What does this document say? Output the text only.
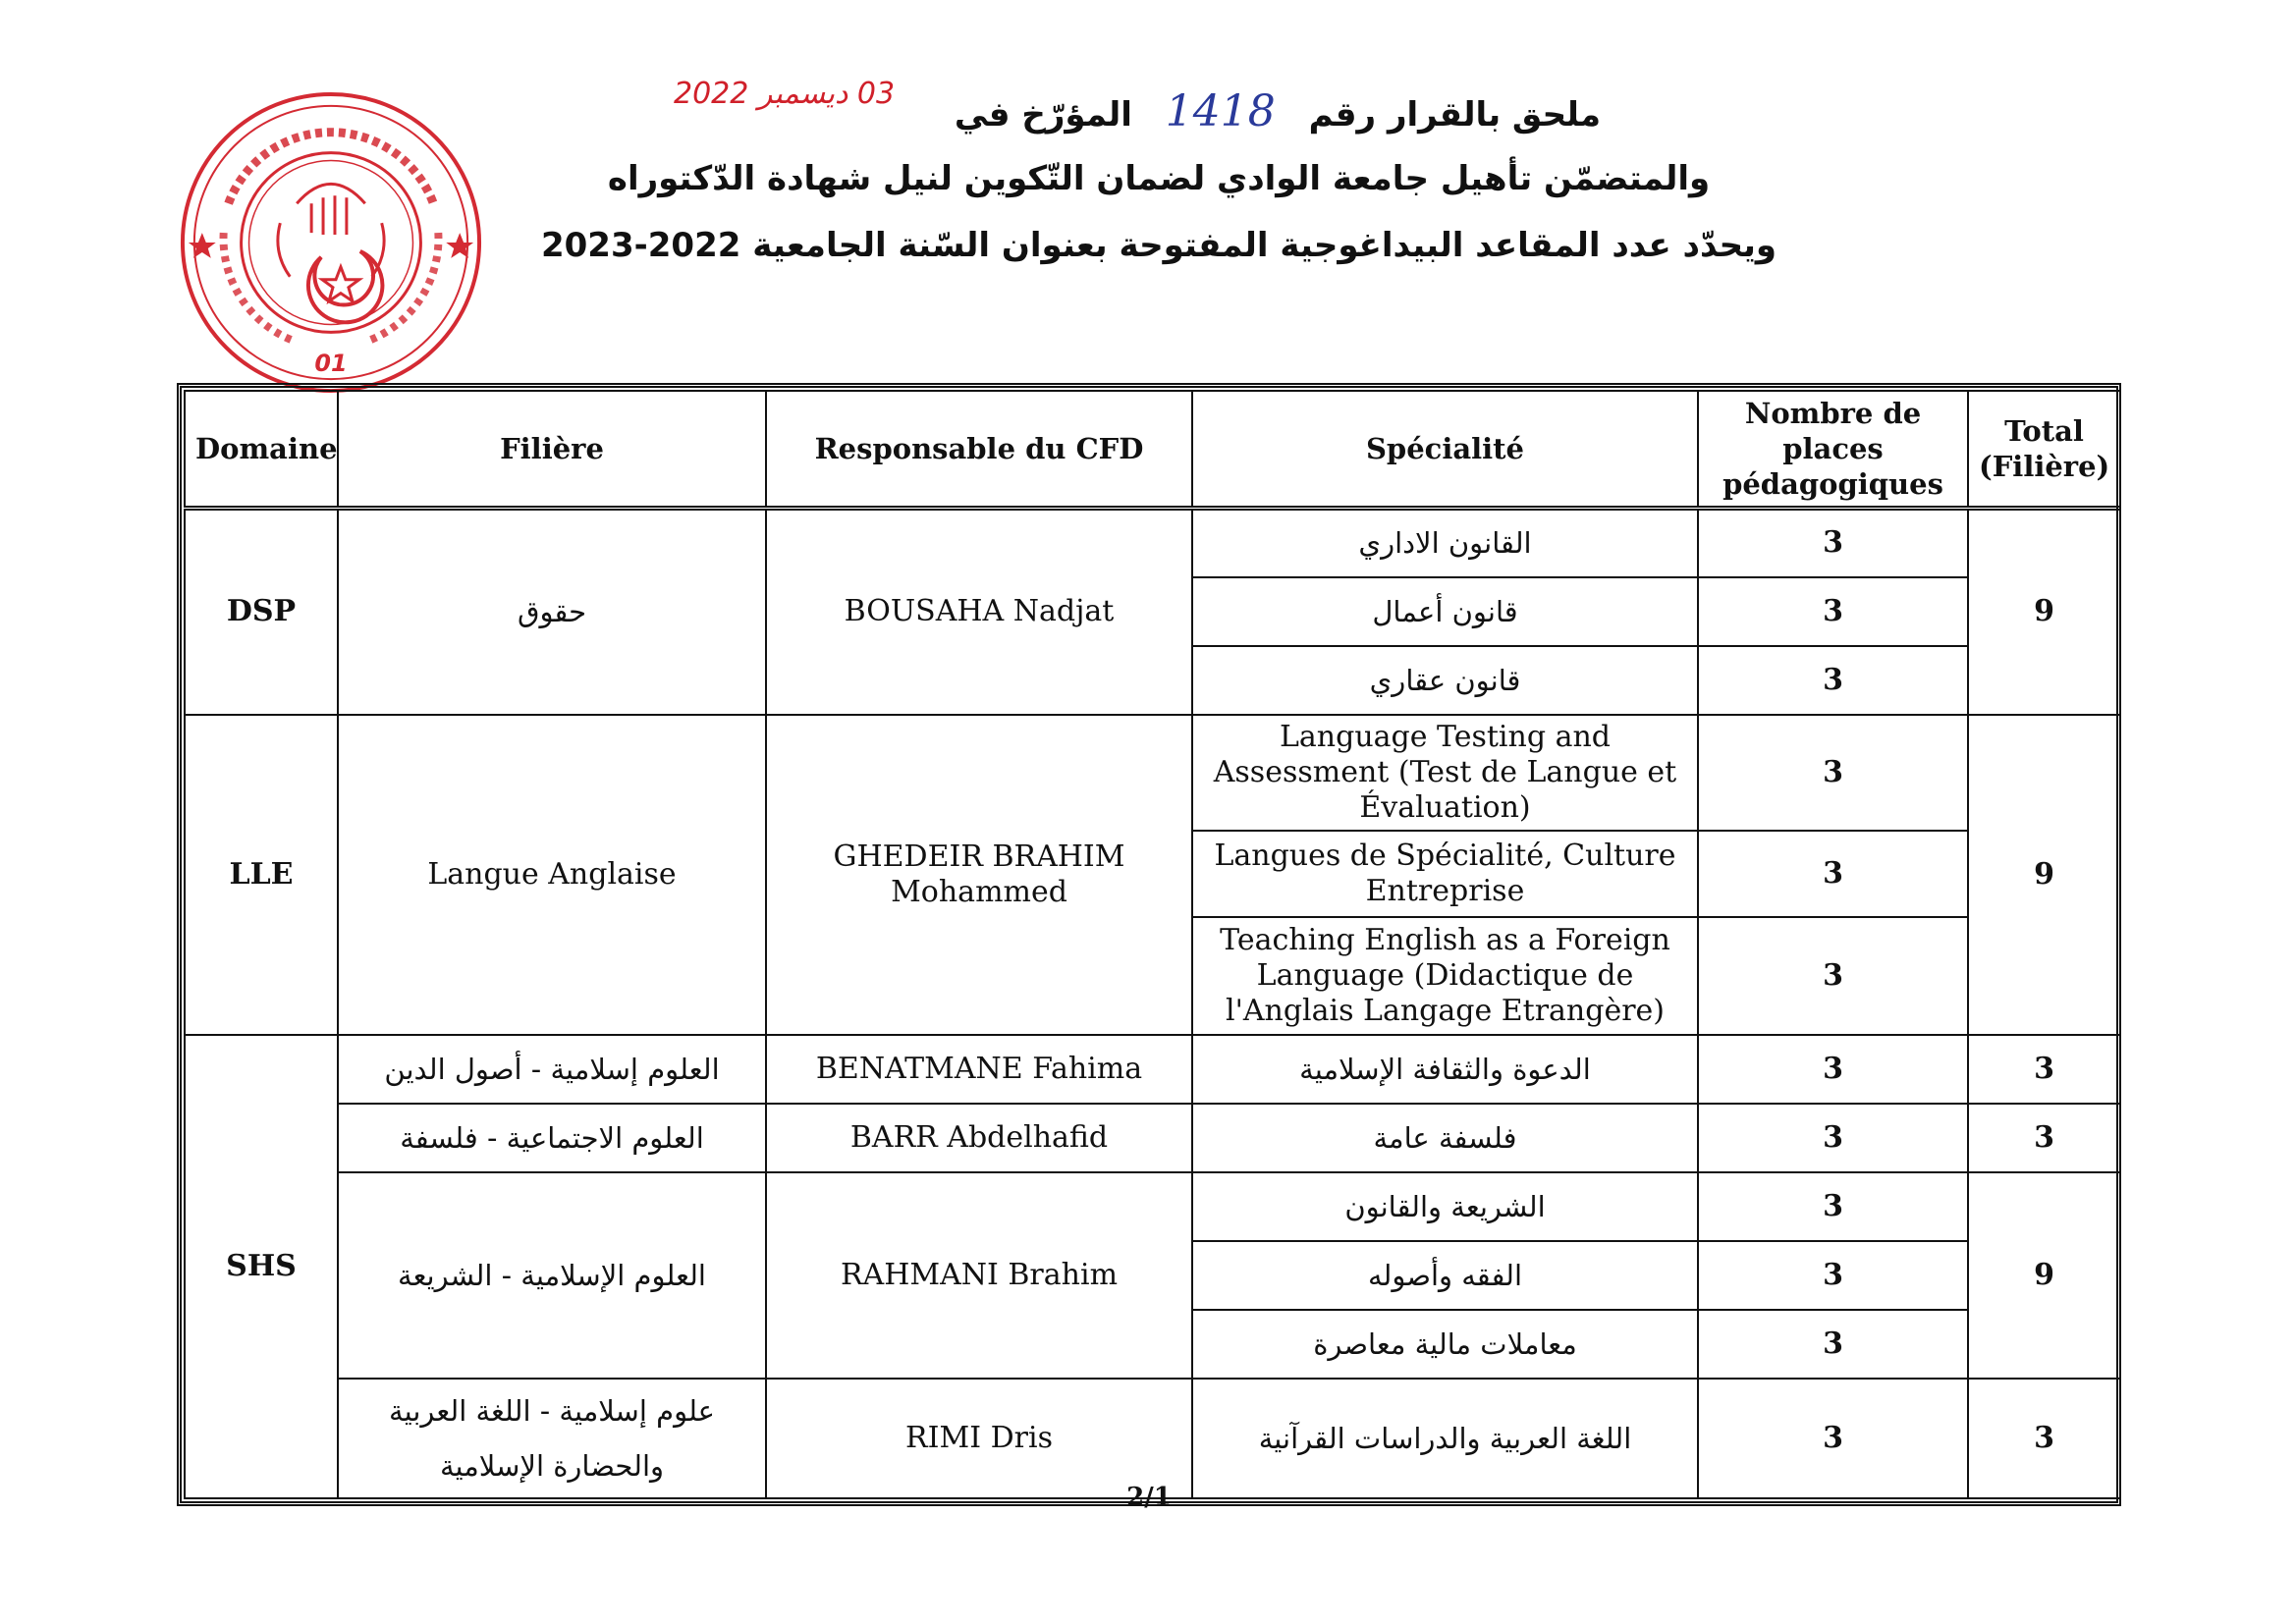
01
03 ديسمبر 2022
ملحق بالقرار رقم 1418 المؤرّخ في
والمتضمّن تأهيل جامعة الوادي لضمان التّكوين لنيل شهادة الدّكتوراه
ويحدّد عدد المقاعد البيداغوجية المفتوحة بعنوان السّنة الجامعية 2022-2023
Domaine	Filière	Responsable du CFD	Spécialité	Nombre de places pédagogiques	Total (Filière)
DSP	حقوق	BOUSAHA Nadjat	القانون الاداري	3	9
			قانون أعمال	3	
			قانون عقاري	3	
LLE	Langue Anglaise	GHEDEIR BRAHIM Mohammed	Language Testing and Assessment (Test de Langue et Évaluation)	3	9
			Langues de Spécialité, Culture Entreprise	3	
			Teaching English as a Foreign Language (Didactique de l'Anglais Langage Etrangère)	3	
SHS	العلوم إسلامية - أصول الدين	BENATMANE Fahima	الدعوة والثقافة الإسلامية	3	3
	العلوم الاجتماعية - فلسفة	BARR Abdelhafid	فلسفة عامة	3	3
	العلوم الإسلامية - الشريعة	RAHMANI Brahim	الشريعة والقانون	3	9
			الفقه وأصوله	3	
			معاملات مالية معاصرة	3	
	علوم إسلامية - اللغة العربية والحضارة الإسلامية	RIMI Dris	اللغة العربية والدراسات القرآنية	3	3
2/1
